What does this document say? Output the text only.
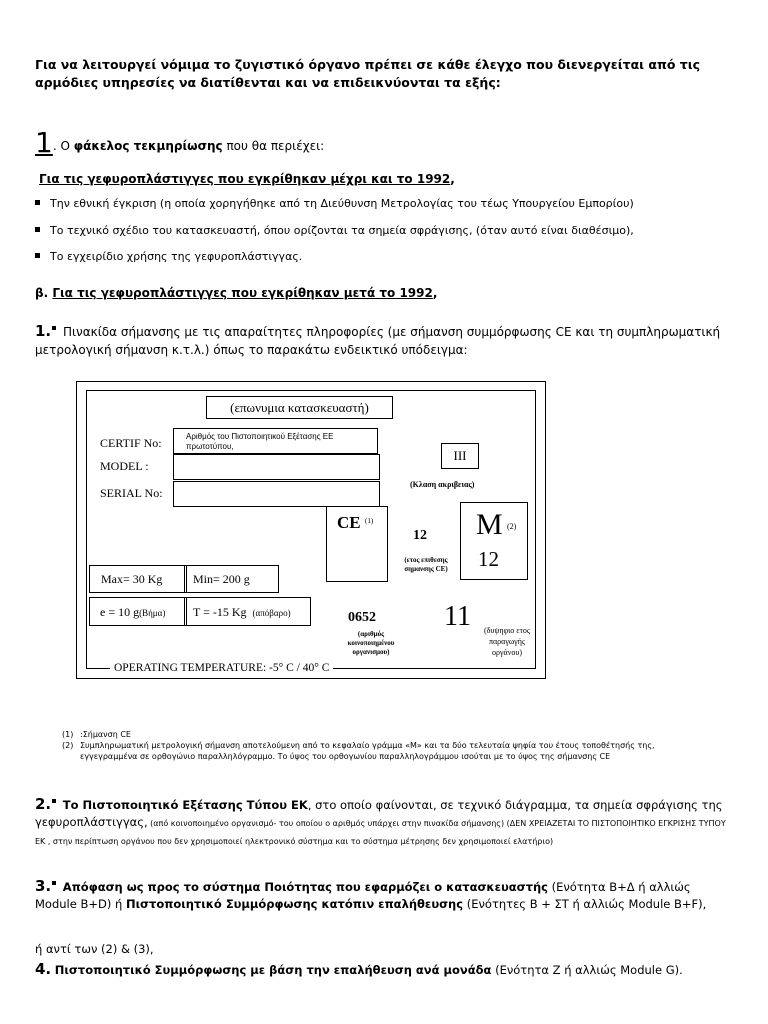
Για να λειτουργεί νόμιμα το ζυγιστικό όργανο πρέπει σε κάθε έλεγχο που διενεργείται από τις αρμόδιες υπηρεσίες να διατίθενται και να επιδεικνύονται τα εξής:
1. Ο φάκελος τεκμηρίωσης που θα περιέχει:
Για τις γεφυροπλάστιγγες που εγκρίθηκαν μέχρι και το 1992,
Την εθνική έγκριση (η οποία χορηγήθηκε από τη Διεύθυνση Μετρολογίας του τέως Υπουργείου Εμπορίου)
Το τεχνικό σχέδιο του κατασκευαστή, όπου ορίζονται τα σημεία σφράγισης, (όταν αυτό είναι διαθέσιμο),
Το εγχειρίδιο χρήσης της γεφυροπλάστιγγας.
β. Για τις γεφυροπλάστιγγες που εγκρίθηκαν μετά το 1992,
1. Πινακίδα σήμανσης με τις απαραίτητες πληροφορίες (με σήμανση συμμόρφωσης CE και τη συμπληρωματική μετρολογική σήμανση κ.τ.λ.) όπως το παρακάτω ενδεικτικό υπόδειγμα:
(επωνυμια κατασκευαστή)
CERTIF No:	Αριθμός του Πιστοποιητικού Εξέτασης ΕΕ πρωτοτύπου,
MODEL :
SERIAL No:
III
(Κλαση ακριβειας)
CE (1)
12
(ετος επιθεσης σημανσης CE)
M (2)
12
Max= 30 Kg	Min= 200 g
e = 10 g(Βήμα) T = -15 Kg (απόβαρο)	0652
(αριθμός κοινοποιημένου οργανισμου)
11	(δυψηφιο ετος παραγωγής οργάνου)
OPERATING TEMPERATURE: -5° C / 40° C
(1) :Σήμανση CE
(2) Συμπληρωματική μετρολογική σήμανση αποτελούμενη από το κεφαλαίο γράμμα «Μ» και τα δύο τελευταία ψηφία του έτους τοποθέτησής της,
εγγεγραμμένα σε ορθογώνιο παραλληλόγραμμο. Το ύψος του ορθογωνίου παραλληλογράμμου ισούται με το ύψος της σήμανσης CE
2. Το Πιστοποιητικό Εξέτασης Τύπου ΕΚ, στο οποίο φαίνονται, σε τεχνικό διάγραμμα, τα σημεία σφράγισης της γεφυροπλάστιγγας, (από κοινοποιημένο οργανισμό- του οποίου ο αριθμός υπάρχει στην πινακίδα σήμανσης) (ΔΕΝ ΧΡΕΙΑΖΕΤΑΙ ΤΟ ΠΙΣΤΟΠΟΙΗΤΙΚΟ ΕΓΚΡΙΣΗΣ ΤΥΠΟΥ ΕΚ , στην περίπτωση οργάνου που δεν χρησιμοποιεί ηλεκτρονικό σύστημα και το σύστημα μέτρησης δεν χρησιμοποιεί ελατήριο)
3. Απόφαση ως προς το σύστημα Ποιότητας που εφαρμόζει ο κατασκευαστής (Ενότητα Β+Δ ή αλλιώς Module B+D) ή Πιστοποιητικό Συμμόρφωσης κατόπιν επαλήθευσης (Ενότητες Β + ΣΤ ή αλλιώς Module B+F),
ή αντί των (2) & (3),
4. Πιστοποιητικό Συμμόρφωσης με βάση την επαλήθευση ανά μονάδα (Ενότητα Ζ ή αλλιώς Module G).
